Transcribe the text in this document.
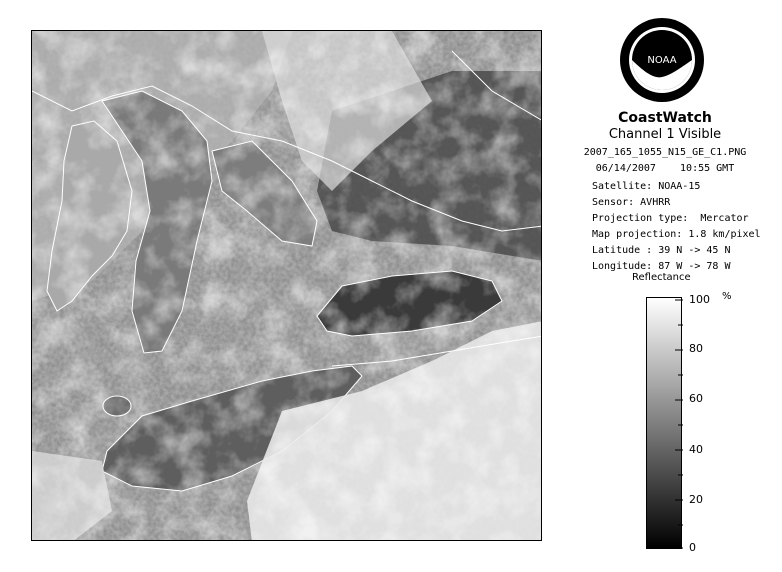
NOAA
CoastWatch
Channel 1 Visible
2007_165_1055_N15_GE_C1.PNG
06/14/2007    10:55 GMT
Satellite: NOAA-15
Sensor: AVHRR
Projection type:  Mercator
Map projection: 1.8 km/pixel
Latitude : 39 N -> 45 N
Longitude: 87 W -> 78 W
Reflectance
%
100
80
60
40
20
0
